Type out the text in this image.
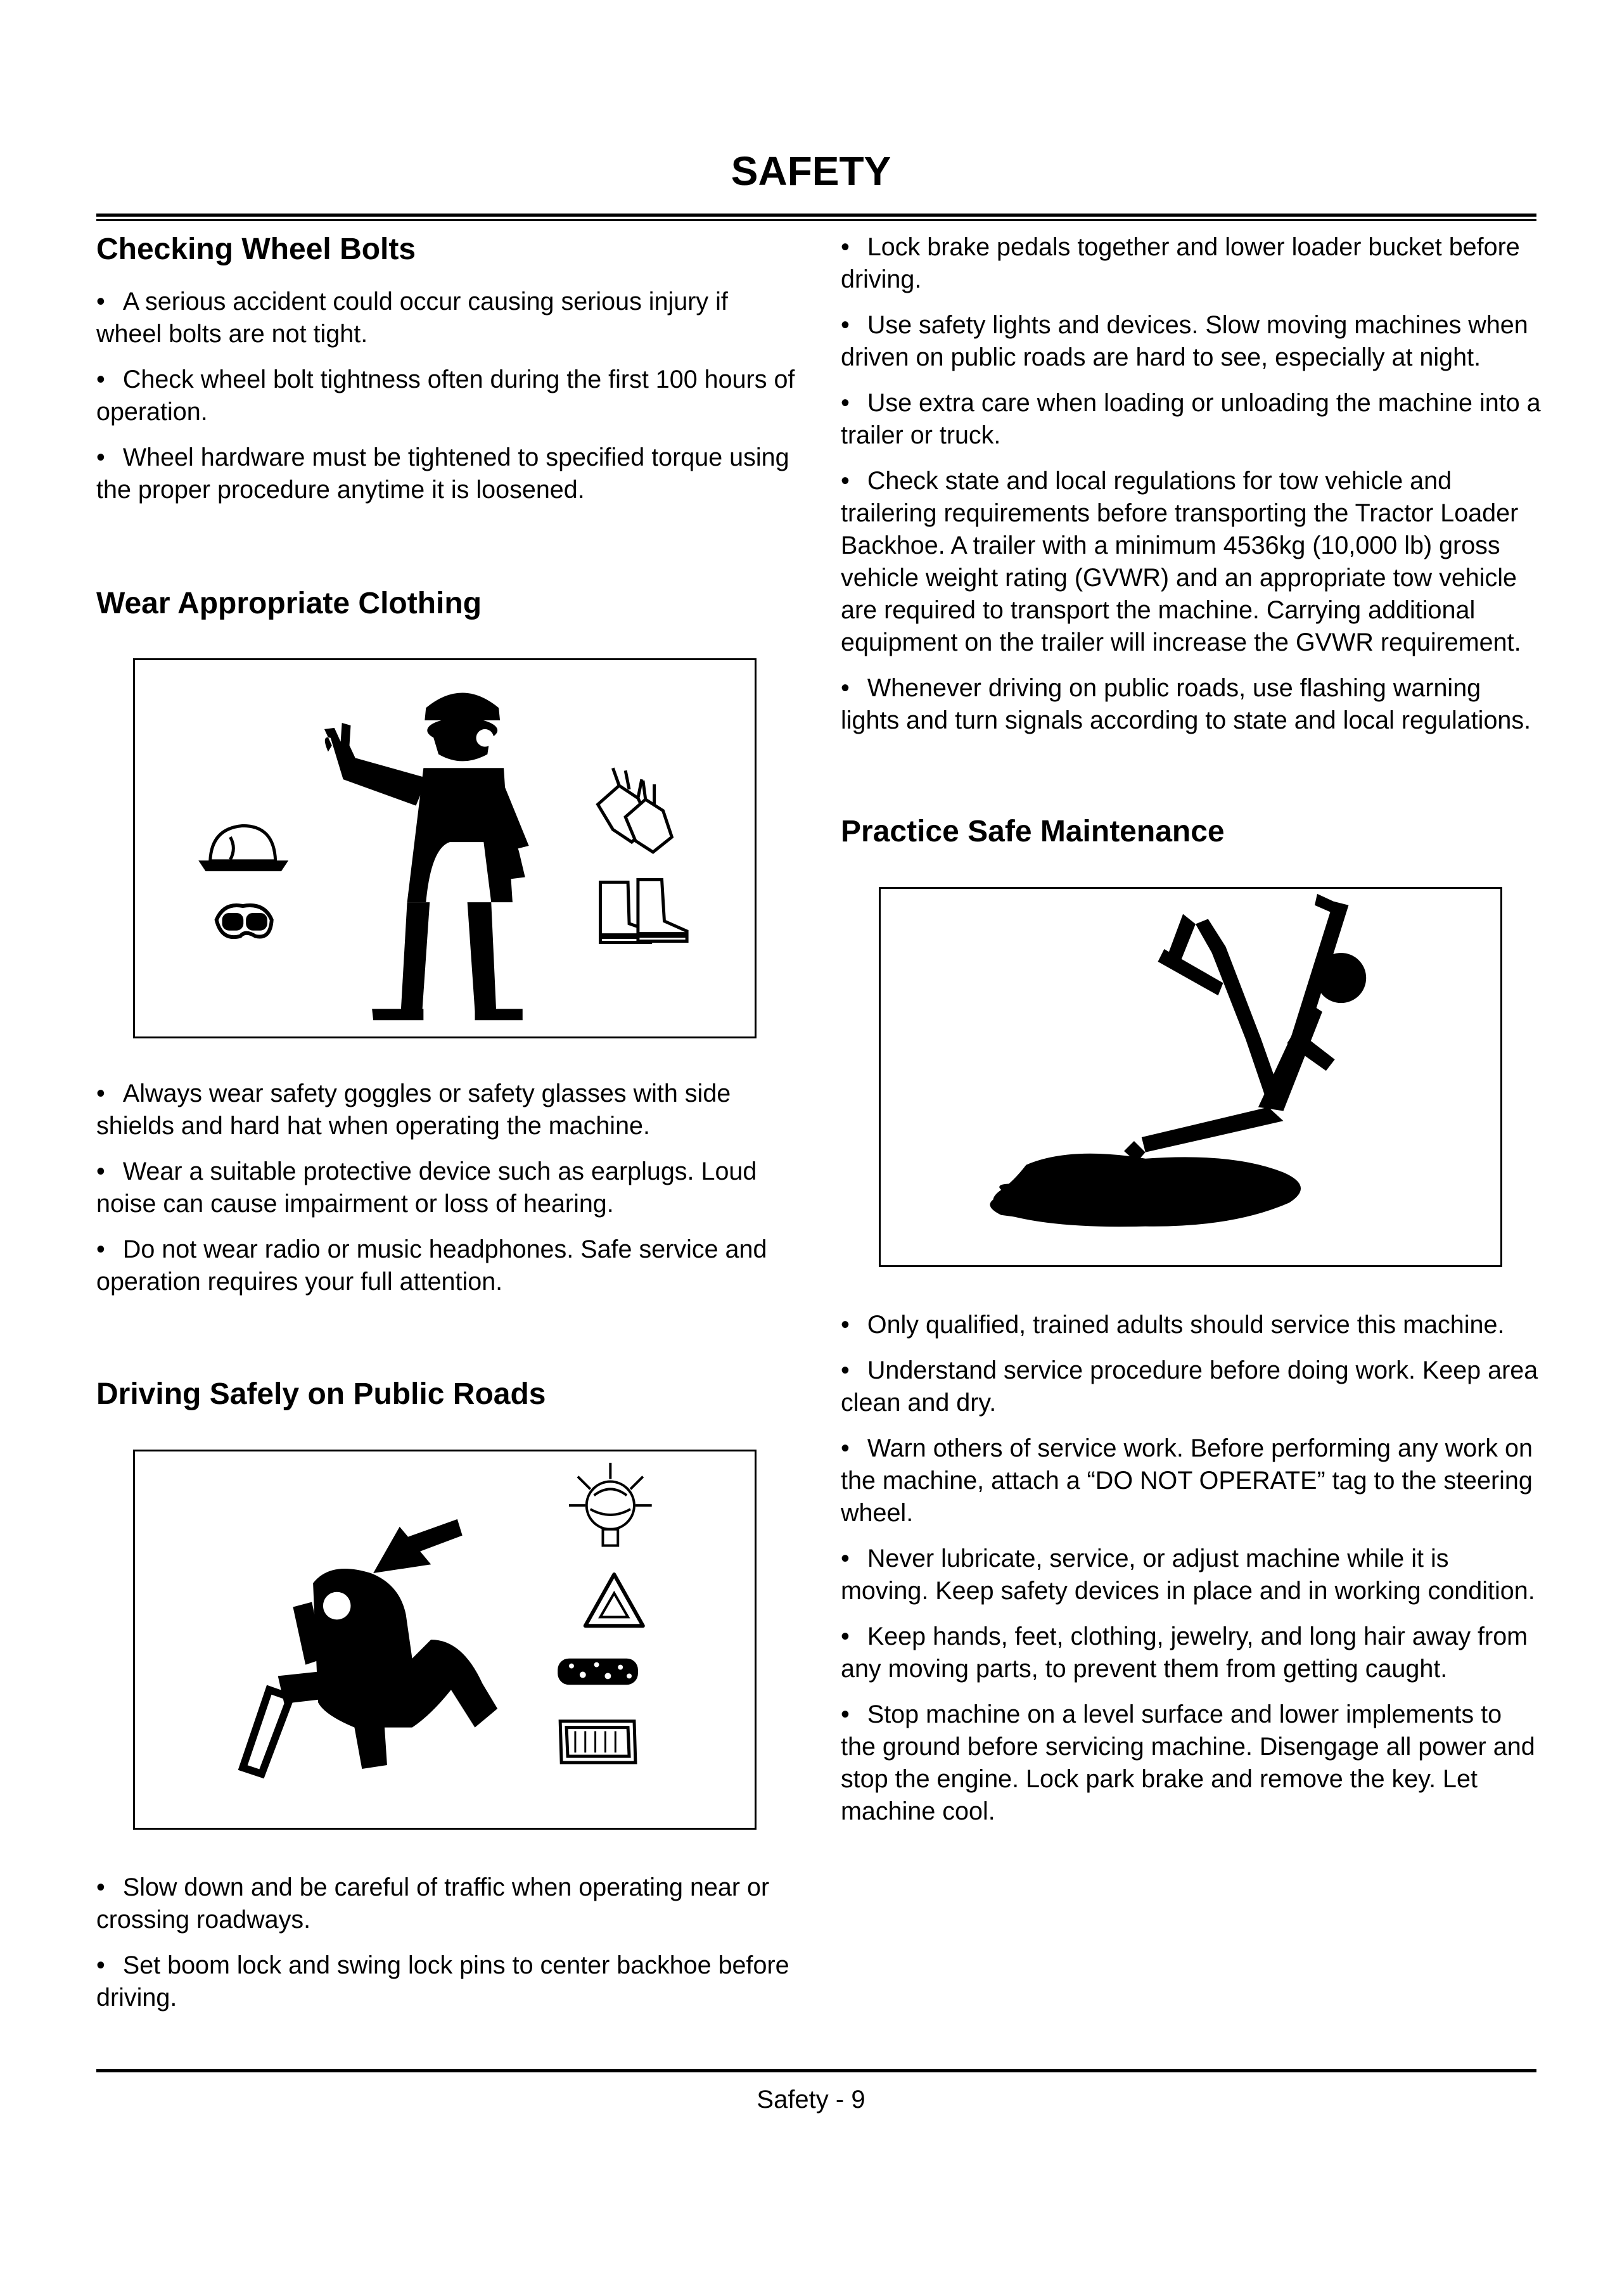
SAFETY
Checking Wheel Bolts

• A serious accident could occur causing serious injury if wheel bolts are not tight.

• Check wheel bolt tightness often during the first 100 hours of operation.

• Wheel hardware must be tightened to specified torque using the proper procedure anytime it is loosened.

Wear Appropriate Clothing

• Always wear safety goggles or safety glasses with side shields and hard hat when operating the machine.

• Wear a suitable protective device such as earplugs. Loud noise can cause impairment or loss of hearing.

• Do not wear radio or music headphones. Safe service and operation requires your full attention.

Driving Safely on Public Roads

• Slow down and be careful of traffic when operating near or crossing roadways.

• Set boom lock and swing lock pins to center backhoe before driving.

• Lock brake pedals together and lower loader bucket before driving.

• Use safety lights and devices. Slow moving machines when driven on public roads are hard to see, especially at night.

• Use extra care when loading or unloading the machine into a trailer or truck.

• Check state and local regulations for tow vehicle and trailering requirements before transporting the Tractor Loader Backhoe. A trailer with a minimum 4536kg (10,000 lb) gross vehicle weight rating (GVWR) and an appropriate tow vehicle are required to transport the machine. Carrying additional equipment on the trailer will increase the GVWR requirement.

• Whenever driving on public roads, use flashing warning lights and turn signals according to state and local regulations.

Practice Safe Maintenance

• Only qualified, trained adults should service this machine.

• Understand service procedure before doing work. Keep area clean and dry.

• Warn others of service work. Before performing any work on the machine, attach a “DO NOT OPERATE” tag to the steering wheel.

• Never lubricate, service, or adjust machine while it is moving. Keep safety devices in place and in working condition.

• Keep hands, feet, clothing, jewelry, and long hair away from any moving parts, to prevent them from getting caught.

• Stop machine on a level surface and lower implements to the ground before servicing machine. Disengage all power and stop the engine. Lock park brake and remove the key. Let machine cool.

Safety - 9
